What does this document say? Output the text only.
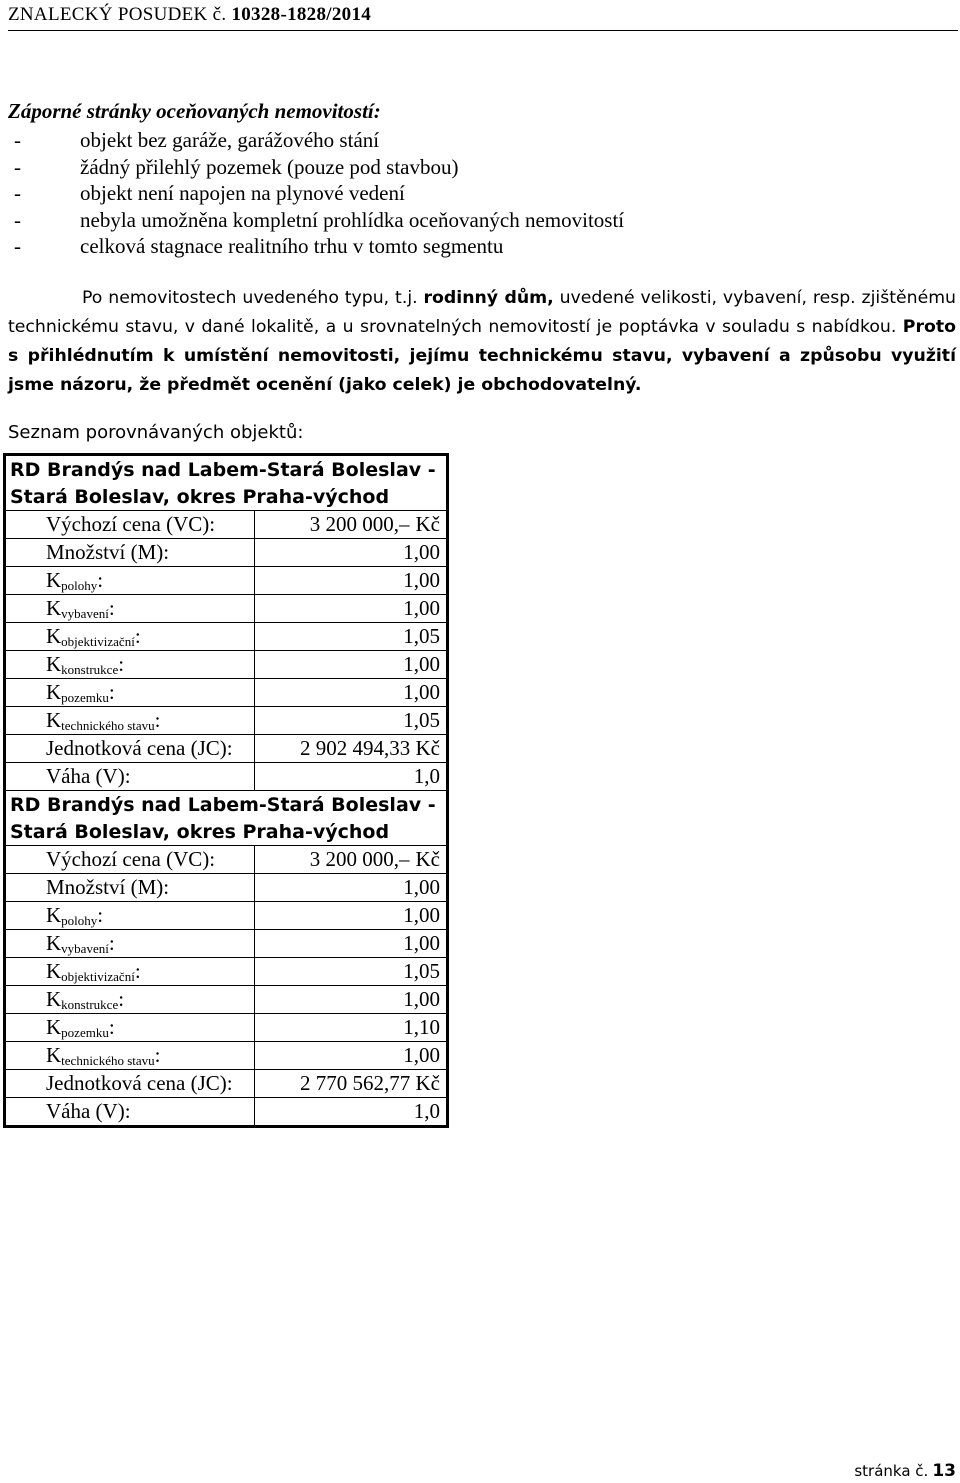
ZNALECKÝ POSUDEK č. 10328-1828/2014
Záporné stránky oceňovaných nemovitostí:
-	objekt bez garáže, garážového stání
-	žádný přilehlý pozemek (pouze pod stavbou)
-	objekt není napojen na plynové vedení
-	nebyla umožněna kompletní prohlídka oceňovaných nemovitostí
-	celková stagnace realitního trhu v tomto segmentu
Po nemovitostech uvedeného typu, t.j. rodinný dům, uvedené velikosti, vybavení, resp. zjištěnému technickému stavu, v dané lokalitě, a u srovnatelných nemovitostí je poptávka v souladu s nabídkou. Proto s přihlédnutím k umístění nemovitosti, jejímu technickému stavu, vybavení a způsobu využití jsme názoru, že předmět ocenění (jako celek) je obchodovatelný.
Seznam porovnávaných objektů:
RD Brandýs nad Labem-Stará Boleslav -	
Stará Boleslav, okres Praha-východ	
Výchozí cena (VC):	3 200 000,– Kč
Množství (M):	1,00
$K_{polohy}$:	1,00
$K_{vybavení}$:	1,00
$K_{objektivizační}$:	1,05
$K_{konstrukce}$:	1,00
$K_{pozemku}$:	1,00
$K_{technického stavu}$:	1,05
Jednotková cena (JC):	2 902 494,33 Kč
Váha (V):	1,0
RD Brandýs nad Labem-Stará Boleslav -	
Stará Boleslav, okres Praha-východ	
Výchozí cena (VC):	3 200 000,– Kč
Množství (M):	1,00
$K_{polohy}$:	1,00
$K_{vybavení}$:	1,00
$K_{objektivizační}$:	1,05
$K_{konstrukce}$:	1,00
$K_{pozemku}$:	1,10
$K_{technického stavu}$:	1,00
Jednotková cena (JC):	2 770 562,77 Kč
Váha (V):	1,0
stránka č. 13
